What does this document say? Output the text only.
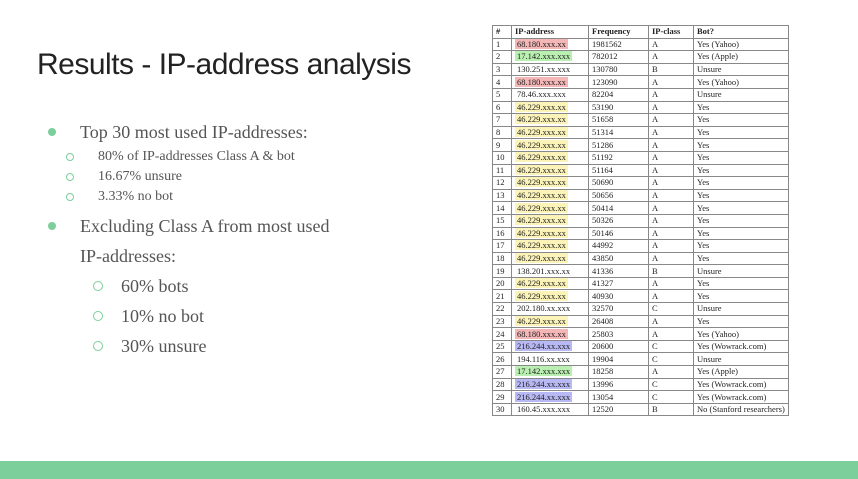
Results - IP-address analysis
Top 30 most used IP-addresses:
80% of IP-addresses Class A & bot
16.67% unsure
3.33% no bot
Excluding Class A from most used
IP-addresses:
60% bots
10% no bot
30% unsure
#	IP-address	Frequency	IP-class	Bot?
1	68.180.xxx.xx	1981562	A	Yes (Yahoo)
2	17.142.xxx.xxx	782012	A	Yes (Apple)
3	130.251.xx.xxx	130780	B	Unsure
4	68.180.xxx.xx	123090	A	Yes (Yahoo)
5	78.46.xxx.xxx	82204	A	Unsure
6	46.229.xxx.xx	53190	A	Yes
7	46.229.xxx.xx	51658	A	Yes
8	46.229.xxx.xx	51314	A	Yes
9	46.229.xxx.xx	51286	A	Yes
10	46.229.xxx.xx	51192	A	Yes
11	46.229.xxx.xx	51164	A	Yes
12	46.229.xxx.xx	50690	A	Yes
13	46.229.xxx.xx	50656	A	Yes
14	46.229.xxx.xx	50414	A	Yes
15	46.229.xxx.xx	50326	A	Yes
16	46.229.xxx.xx	50146	A	Yes
17	46.229.xxx.xx	44992	A	Yes
18	46.229.xxx.xx	43850	A	Yes
19	138.201.xxx.xx	41336	B	Unsure
20	46.229.xxx.xx	41327	A	Yes
21	46.229.xxx.xx	40930	A	Yes
22	202.180.xx.xxx	32570	C	Unsure
23	46.229.xxx.xx	26408	A	Yes
24	68.180.xxx.xx	25803	A	Yes (Yahoo)
25	216.244.xx.xxx	20600	C	Yes (Wowrack.com)
26	194.116.xx.xxx	19904	C	Unsure
27	17.142.xxx.xxx	18258	A	Yes (Apple)
28	216.244.xx.xxx	13996	C	Yes (Wowrack.com)
29	216.244.xx.xxx	13054	C	Yes (Wowrack.com)
30	160.45.xxx.xxx	12520	B	No (Stanford researchers)
